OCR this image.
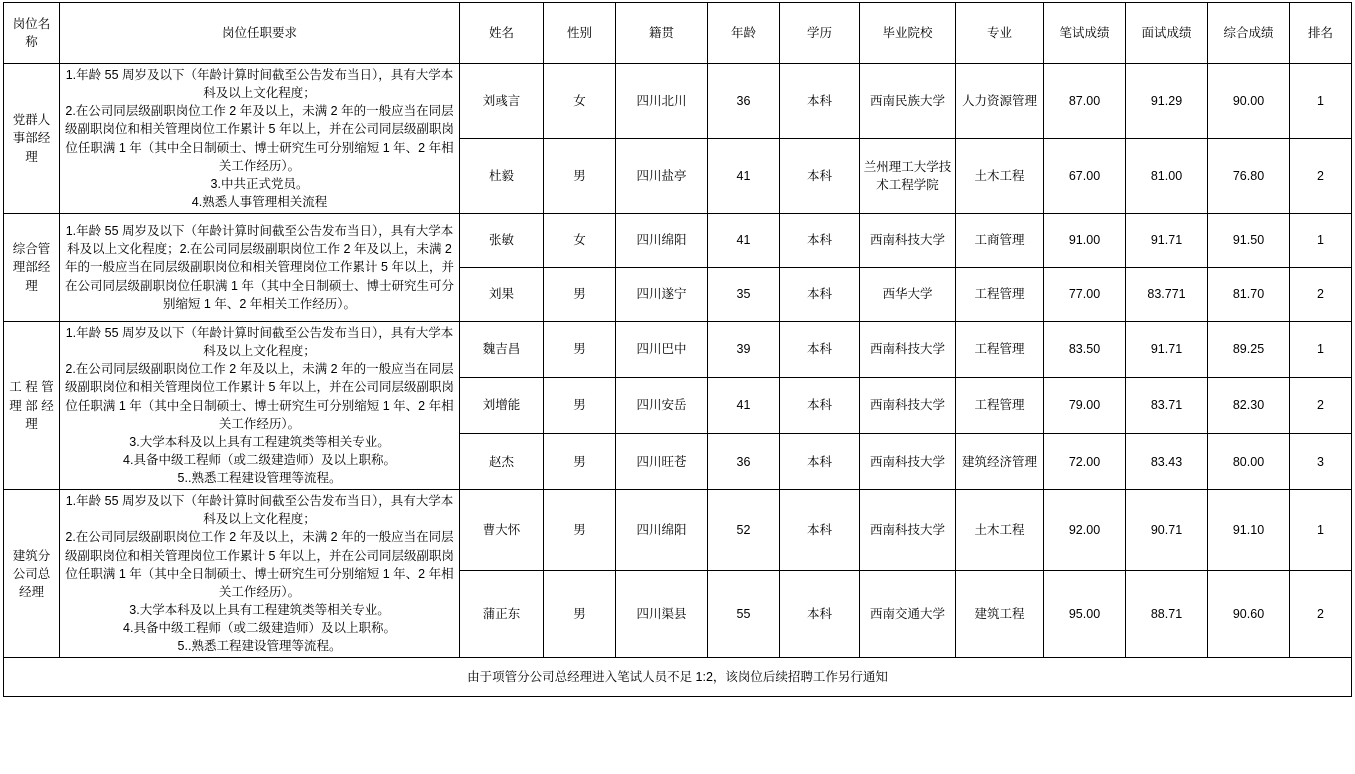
岗位名称	岗位任职要求	姓名	性别	籍贯	年龄	学历	毕业院校	专业	笔试成绩	面试成绩	综合成绩	排名
党群人事部经理	1.年龄 55 周岁及以下（年龄计算时间截至公告发布当日），具有大学本科及以上文化程度；
2.在公司同层级副职岗位工作 2 年及以上，未满 2 年的一般应当在同层级副职岗位和相关管理岗位工作累计 5 年以上，并在公司同层级副职岗位任职满 1 年（其中全日制硕士、博士研究生可分别缩短 1 年、2 年相关工作经历）。
3.中共正式党员。
4.熟悉人事管理相关流程	刘彧言	女	四川北川	36	本科	西南民族大学	人力资源管理	87.00	91.29	90.00	1
		杜毅	男	四川盐亭	41	本科	兰州理工大学技术工程学院	土木工程	67.00	81.00	76.80	2
综合管理部经理	1.年龄 55 周岁及以下（年龄计算时间截至公告发布当日），具有大学本科及以上文化程度；2.在公司同层级副职岗位工作 2 年及以上，未满 2 年的一般应当在同层级副职岗位和相关管理岗位工作累计 5 年以上，并在公司同层级副职岗位任职满 1 年（其中全日制硕士、博士研究生可分别缩短 1 年、2 年相关工作经历）。	张敏	女	四川绵阳	41	本科	西南科技大学	工商管理	91.00	91.71	91.50	1
		刘果	男	四川遂宁	35	本科	西华大学	工程管理	77.00	83.771	81.70	2
工 程 管 理 部 经 理	1.年龄 55 周岁及以下（年龄计算时间截至公告发布当日），具有大学本科及以上文化程度；
2.在公司同层级副职岗位工作 2 年及以上，未满 2 年的一般应当在同层级副职岗位和相关管理岗位工作累计 5 年以上，并在公司同层级副职岗位任职满 1 年（其中全日制硕士、博士研究生可分别缩短 1 年、2 年相关工作经历）。
3.大学本科及以上具有工程建筑类等相关专业。
4.具备中级工程师（或二级建造师）及以上职称。
5..熟悉工程建设管理等流程。	魏吉昌	男	四川巴中	39	本科	西南科技大学	工程管理	83.50	91.71	89.25	1
		刘增能	男	四川安岳	41	本科	西南科技大学	工程管理	79.00	83.71	82.30	2
		赵杰	男	四川旺苍	36	本科	西南科技大学	建筑经济管理	72.00	83.43	80.00	3
建筑分公司总经理	1.年龄 55 周岁及以下（年龄计算时间截至公告发布当日），具有大学本科及以上文化程度；
2.在公司同层级副职岗位工作 2 年及以上，未满 2 年的一般应当在同层级副职岗位和相关管理岗位工作累计 5 年以上，并在公司同层级副职岗位任职满 1 年（其中全日制硕士、博士研究生可分别缩短 1 年、2 年相关工作经历）。
3.大学本科及以上具有工程建筑类等相关专业。
4.具备中级工程师（或二级建造师）及以上职称。
5..熟悉工程建设管理等流程。	曹大怀	男	四川绵阳	52	本科	西南科技大学	土木工程	92.00	90.71	91.10	1
		蒲正东	男	四川渠县	55	本科	西南交通大学	建筑工程	95.00	88.71	90.60	2
由于项管分公司总经理进入笔试人员不足 1:2，该岗位后续招聘工作另行通知												
